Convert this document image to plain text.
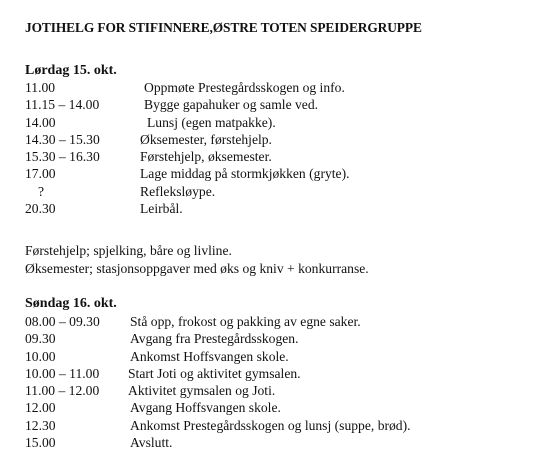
JOTIHELG FOR STIFINNERE,ØSTRE TOTEN SPEIDERGRUPPE
Lørdag 15. okt.
11.00	Oppmøte Prestegårdsskogen og info.
11.15 – 14.00	Bygge gapahuker og samle ved.
14.00	Lunsj (egen matpakke).
14.30 – 15.30	Øksemester, førstehjelp.
15.30 – 16.30	Førstehjelp, øksemester.
17.00	Lage middag på stormkjøkken (gryte).
?	Refleksløype.
20.30	Leirbål.
Førstehjelp; spjelking, båre og livline.
Øksemester; stasjonsoppgaver med øks og kniv + konkurranse.
Søndag 16. okt.
08.00 – 09.30 Stå opp, frokost og pakking av egne saker.
09.30	Avgang fra Prestegårdsskogen.
10.00	Ankomst Hoffsvangen skole.
10.00 – 11.00 Start Joti og aktivitet gymsalen.
11.00 – 12.00 Aktivitet gymsalen og Joti.
12.00	Avgang Hoffsvangen skole.
12.30	Ankomst Prestegårdsskogen og lunsj (suppe, brød).
15.00	Avslutt.
